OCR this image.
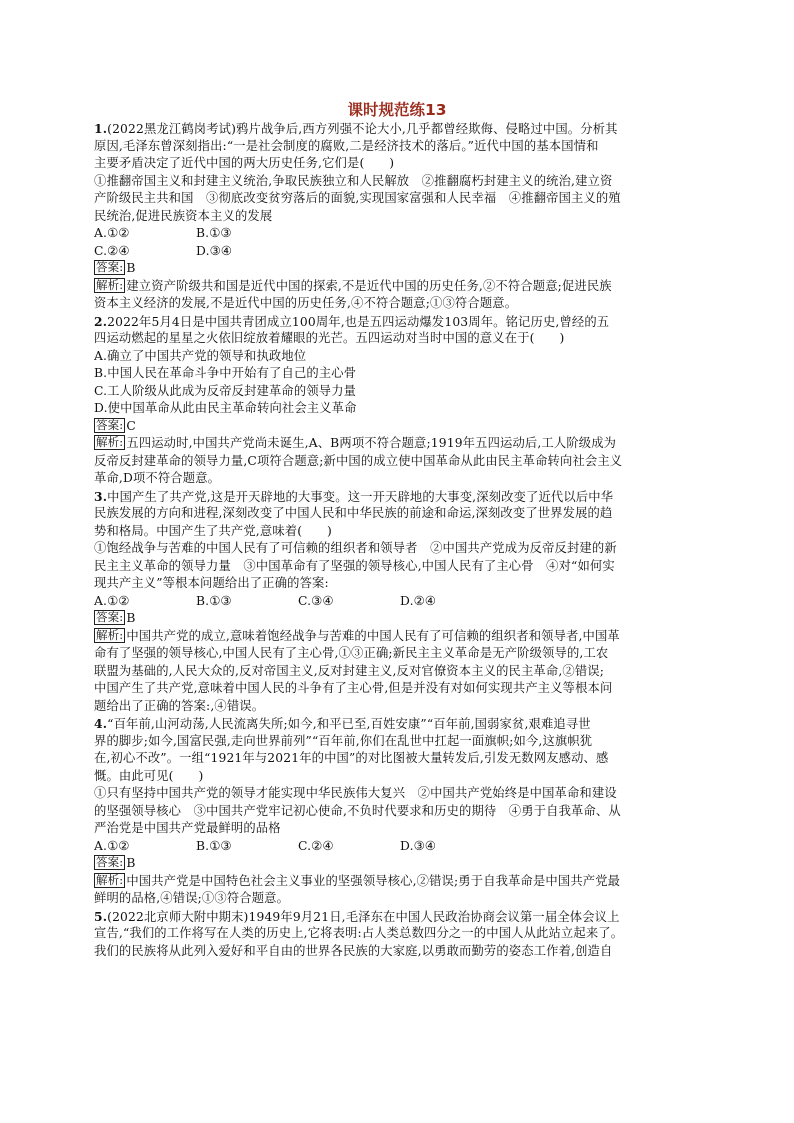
课时规范练13
1.(2022黑龙江鹤岗考试)鸦片战争后,西方列强不论大小,几乎都曾经欺侮、侵略过中国。分析其
原因,毛泽东曾深刻指出:“一是社会制度的腐败,二是经济技术的落后。”近代中国的基本国情和
主要矛盾决定了近代中国的两大历史任务,它们是(　　)
①推翻帝国主义和封建主义统治,争取民族独立和人民解放　②推翻腐朽封建主义的统治,建立资
产阶级民主共和国　③彻底改变贫穷落后的面貌,实现国家富强和人民幸福　④推翻帝国主义的殖
民统治,促进民族资本主义的发展
A.①②	B.①③
C.②④	D.③④
答案: B
解析: 建立资产阶级共和国是近代中国的探索,不是近代中国的历史任务,②不符合题意;促进民族
资本主义经济的发展,不是近代中国的历史任务,④不符合题意;①③符合题意。
2.2022年5月4日是中国共青团成立100周年,也是五四运动爆发103周年。铭记历史,曾经的五
四运动燃起的星星之火依旧绽放着耀眼的光芒。五四运动对当时中国的意义在于(　　)
A.确立了中国共产党的领导和执政地位
B.中国人民在革命斗争中开始有了自己的主心骨
C.工人阶级从此成为反帝反封建革命的领导力量
D.使中国革命从此由民主革命转向社会主义革命
答案: C
解析: 五四运动时,中国共产党尚未诞生,A、B两项不符合题意;1919年五四运动后,工人阶级成为
反帝反封建革命的领导力量,C项符合题意;新中国的成立使中国革命从此由民主革命转向社会主义
革命,D项不符合题意。
3.中国产生了共产党,这是开天辟地的大事变。这一开天辟地的大事变,深刻改变了近代以后中华
民族发展的方向和进程,深刻改变了中国人民和中华民族的前途和命运,深刻改变了世界发展的趋
势和格局。中国产生了共产党,意味着(　　)
①饱经战争与苦难的中国人民有了可信赖的组织者和领导者　②中国共产党成为反帝反封建的新
民主主义革命的领导力量　③中国革命有了坚强的领导核心,中国人民有了主心骨　④对“如何实
现共产主义”等根本问题给出了正确的答案:
A.①②	B.①③	C.③④	D.②④
答案: B
解析: 中国共产党的成立,意味着饱经战争与苦难的中国人民有了可信赖的组织者和领导者,中国革
命有了坚强的领导核心,中国人民有了主心骨,①③正确;新民主主义革命是无产阶级领导的,工农
联盟为基础的,人民大众的,反对帝国主义,反对封建主义,反对官僚资本主义的民主革命,②错误;
中国产生了共产党,意味着中国人民的斗争有了主心骨,但是并没有对如何实现共产主义等根本问
题给出了正确的答案:,④错误。
4.“百年前,山河动荡,人民流离失所;如今,和平已至,百姓安康”“百年前,国弱家贫,艰难追寻世
界的脚步;如今,国富民强,走向世界前列”“百年前,你们在乱世中扛起一面旗帜;如今,这旗帜犹
在,初心不改”。一组“1921年与2021年的中国”的对比图被大量转发后,引发无数网友感动、感
慨。由此可见(　　)
①只有坚持中国共产党的领导才能实现中华民族伟大复兴　②中国共产党始终是中国革命和建设
的坚强领导核心　③中国共产党牢记初心使命,不负时代要求和历史的期待　④勇于自我革命、从
严治党是中国共产党最鲜明的品格
A.①②	B.①③	C.②④	D.③④
答案: B
解析: 中国共产党是中国特色社会主义事业的坚强领导核心,②错误;勇于自我革命是中国共产党最
鲜明的品格,④错误;①③符合题意。
5.(2022北京师大附中期末)1949年9月21日,毛泽东在中国人民政治协商会议第一届全体会议上
宣告,“我们的工作将写在人类的历史上,它将表明:占人类总数四分之一的中国人从此站立起来了。
我们的民族将从此列入爱好和平自由的世界各民族的大家庭,以勇敢而勤劳的姿态工作着,创造自
